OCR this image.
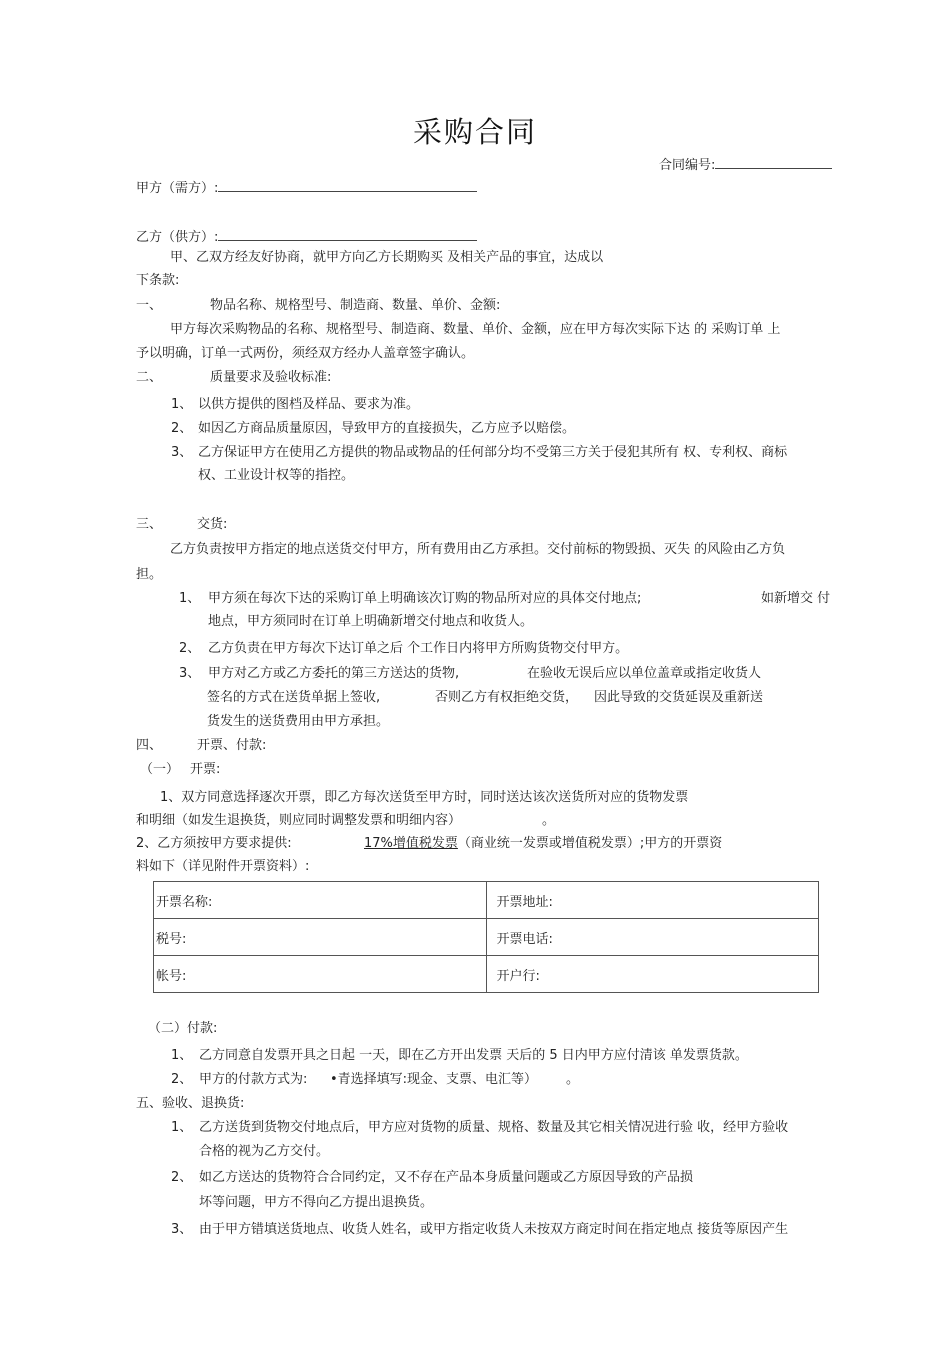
采购合同
合同编号:
甲方（需方）:
乙方（供方）:
甲、乙双方经友好协商，就甲方向乙方长期购买 及相关产品的事宜，达成以
下条款:
一、	物品名称、规格型号、制造商、数量、单价、金额:
甲方每次采购物品的名称、规格型号、制造商、数量、单价、金额，应在甲方每次实际下达 的 采购订单 上
予以明确，订单一式两份，须经双方经办人盖章签字确认。
二、	质量要求及验收标准:
1、 以供方提供的图档及样品、要求为准。
2、 如因乙方商品质量原因，导致甲方的直接损失，乙方应予以赔偿。
3、 乙方保证甲方在使用乙方提供的物品或物品的任何部分均不受第三方关于侵犯其所有 权、专利权、商标
权、工业设计权等的指控。
三、	交货:
乙方负责按甲方指定的地点送货交付甲方，所有费用由乙方承担。交付前标的物毁损、灭失 的风险由乙方负
担。
1、 甲方须在每次下达的采购订单上明确该次订购的物品所对应的具体交付地点;	如新增交 付
地点，甲方须同时在订单上明确新增交付地点和收货人。
2、 乙方负责在甲方每次下达订单之后 个工作日内将甲方所购货物交付甲方。
3、 甲方对乙方或乙方委托的第三方送达的货物,	在验收无误后应以单位盖章或指定收货人
签名的方式在送货单据上签收,	否则乙方有权拒绝交货， 因此导致的交货延误及重新送
货发生的送货费用由甲方承担。
四、	开票、付款:
（一） 开票:
1、双方同意选择逐次开票，即乙方每次送货至甲方时，同时送达该次送货所对应的货物发票
和明细（如发生退换货，则应同时调整发票和明细内容）	。
2、乙方须按甲方要求提供:	17%增值税发票（商业统一发票或增值税发票）;甲方的开票资
料如下（详见附件开票资料）:
开票名称:	开票地址:
税号:	开票电话:
帐号:	开户行:
（二）付款:
1、 乙方同意自发票开具之日起 一天，即在乙方开出发票 天后的 5 日内甲方应付清该 单发票货款。
2、 甲方的付款方式为: •青选择填写:现金、支票、电汇等） 。
五、验收、退换货:
1、 乙方送货到货物交付地点后，甲方应对货物的质量、规格、数量及其它相关情况进行验 收，经甲方验收
合格的视为乙方交付。
2、 如乙方送达的货物符合合同约定，又不存在产品本身质量问题或乙方原因导致的产品损
坏等问题，甲方不得向乙方提出退换货。
3、 由于甲方错填送货地点、收货人姓名，或甲方指定收货人未按双方商定时间在指定地点 接货等原因产生
